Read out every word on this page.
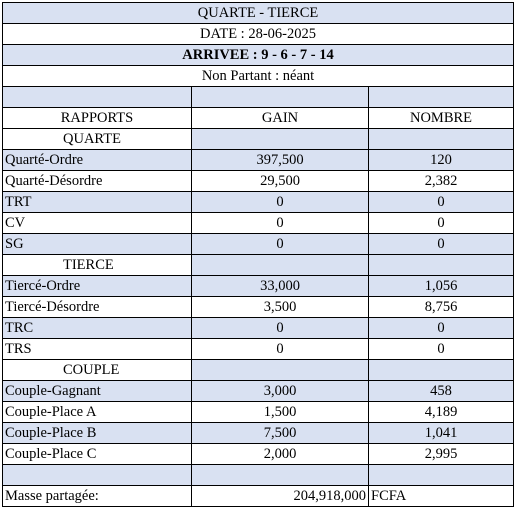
QUARTE - TIERCE		
DATE : 28-06-2025		
ARRIVEE : 9 - 6 - 7 - 14		
Non Partant : néant		

RAPPORTS	GAIN	NOMBRE
QUARTE		
Quarté-Ordre	397,500	120
Quarté-Désordre	29,500	2,382
TRT	0	0
CV	0	0
SG	0	0
TIERCE		
Tiercé-Ordre	33,000	1,056
Tiercé-Désordre	3,500	8,756
TRC	0	0
TRS	0	0
COUPLE		
Couple-Gagnant	3,000	458
Couple-Place A	1,500	4,189
Couple-Place B	7,500	1,041
Couple-Place C	2,000	2,995

Masse partagée:	204,918,000	FCFA
